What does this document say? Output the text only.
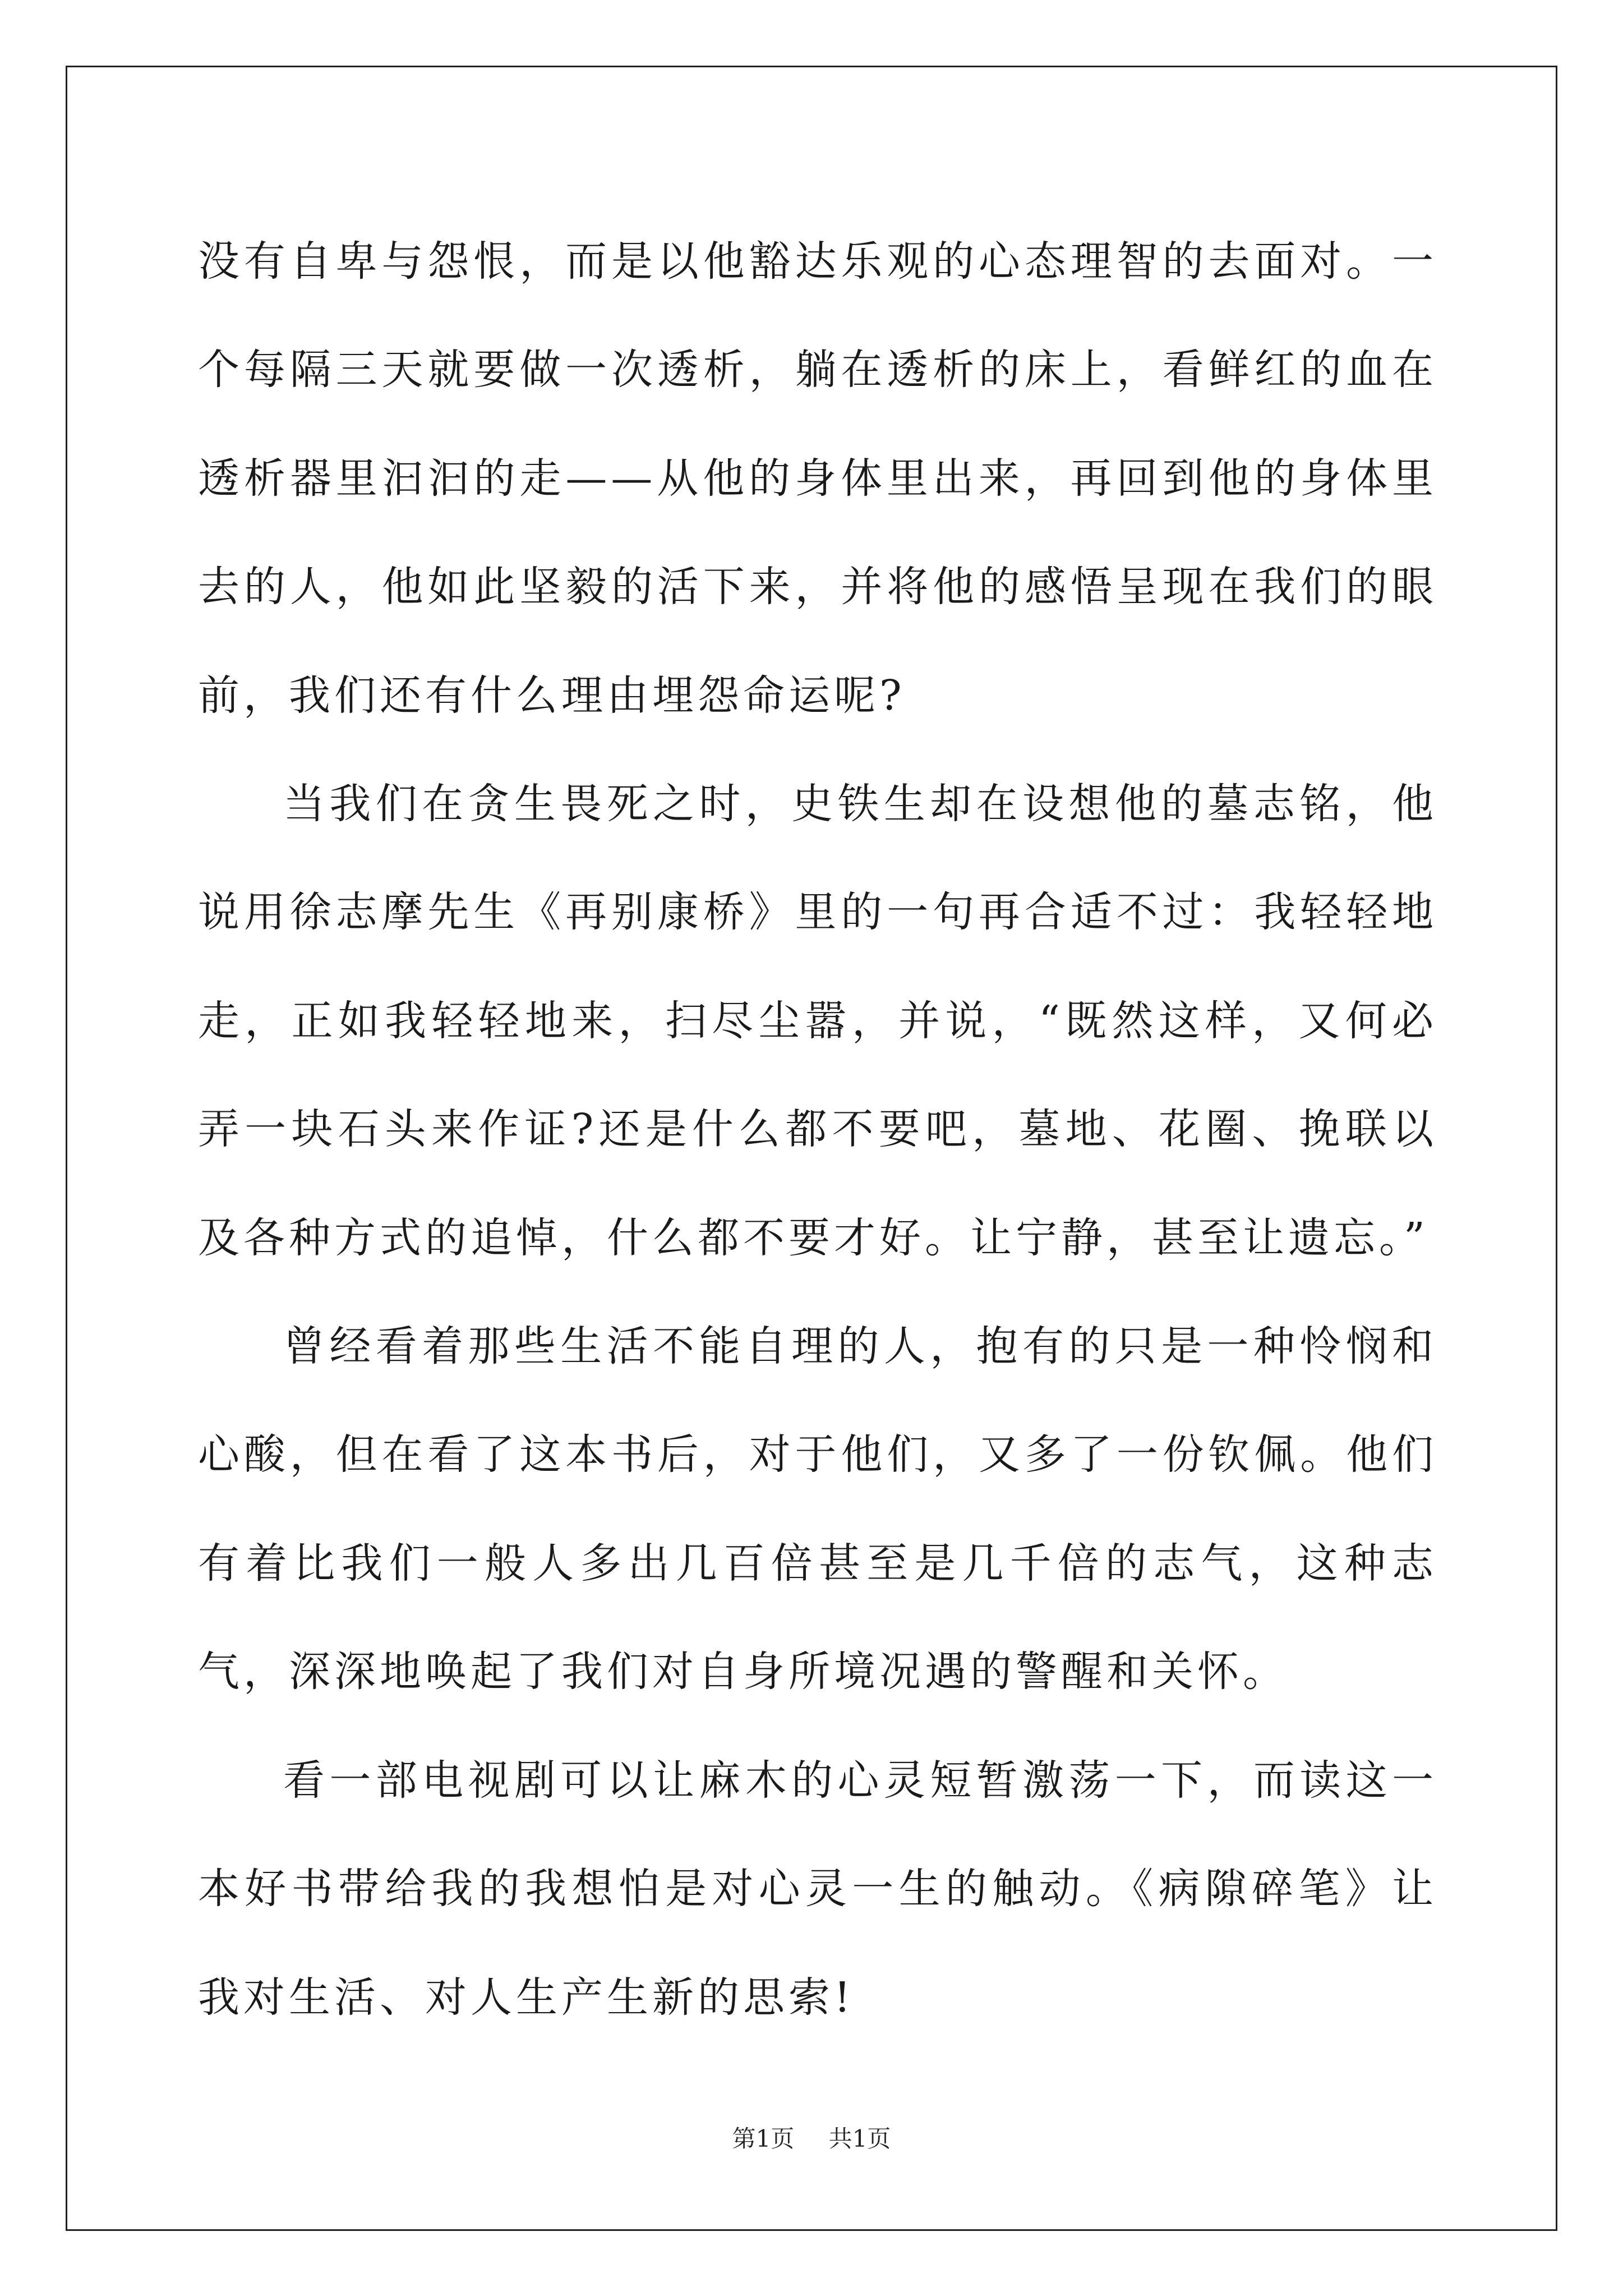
没有自卑与怨恨，而是以他豁达乐观的心态理智的去面对。一个每隔三天就要做一次透析，躺在透析的床上，看鲜红的血在透析器里汩汩的走——从他的身体里出来，再回到他的身体里去的人，他如此坚毅的活下来，并将他的感悟呈现在我们的眼前，我们还有什么理由埋怨命运呢?

当我们在贪生畏死之时，史铁生却在设想他的墓志铭，他说用徐志摩先生《再别康桥》里的一句再合适不过：我轻轻地走，正如我轻轻地来，扫尽尘嚣，并说，“既然这样，又何必弄一块石头来作证?还是什么都不要吧，墓地、花圈、挽联以及各种方式的追悼，什么都不要才好。让宁静，甚至让遗忘。”

曾经看着那些生活不能自理的人，抱有的只是一种怜悯和心酸，但在看了这本书后，对于他们，又多了一份钦佩。他们有着比我们一般人多出几百倍甚至是几千倍的志气，这种志气，深深地唤起了我们对自身所境况遇的警醒和关怀。

看一部电视剧可以让麻木的心灵短暂激荡一下，而读这一本好书带给我的我想怕是对心灵一生的触动。《病隙碎笔》让我对生活、对人生产生新的思索!

第1页 共1页
